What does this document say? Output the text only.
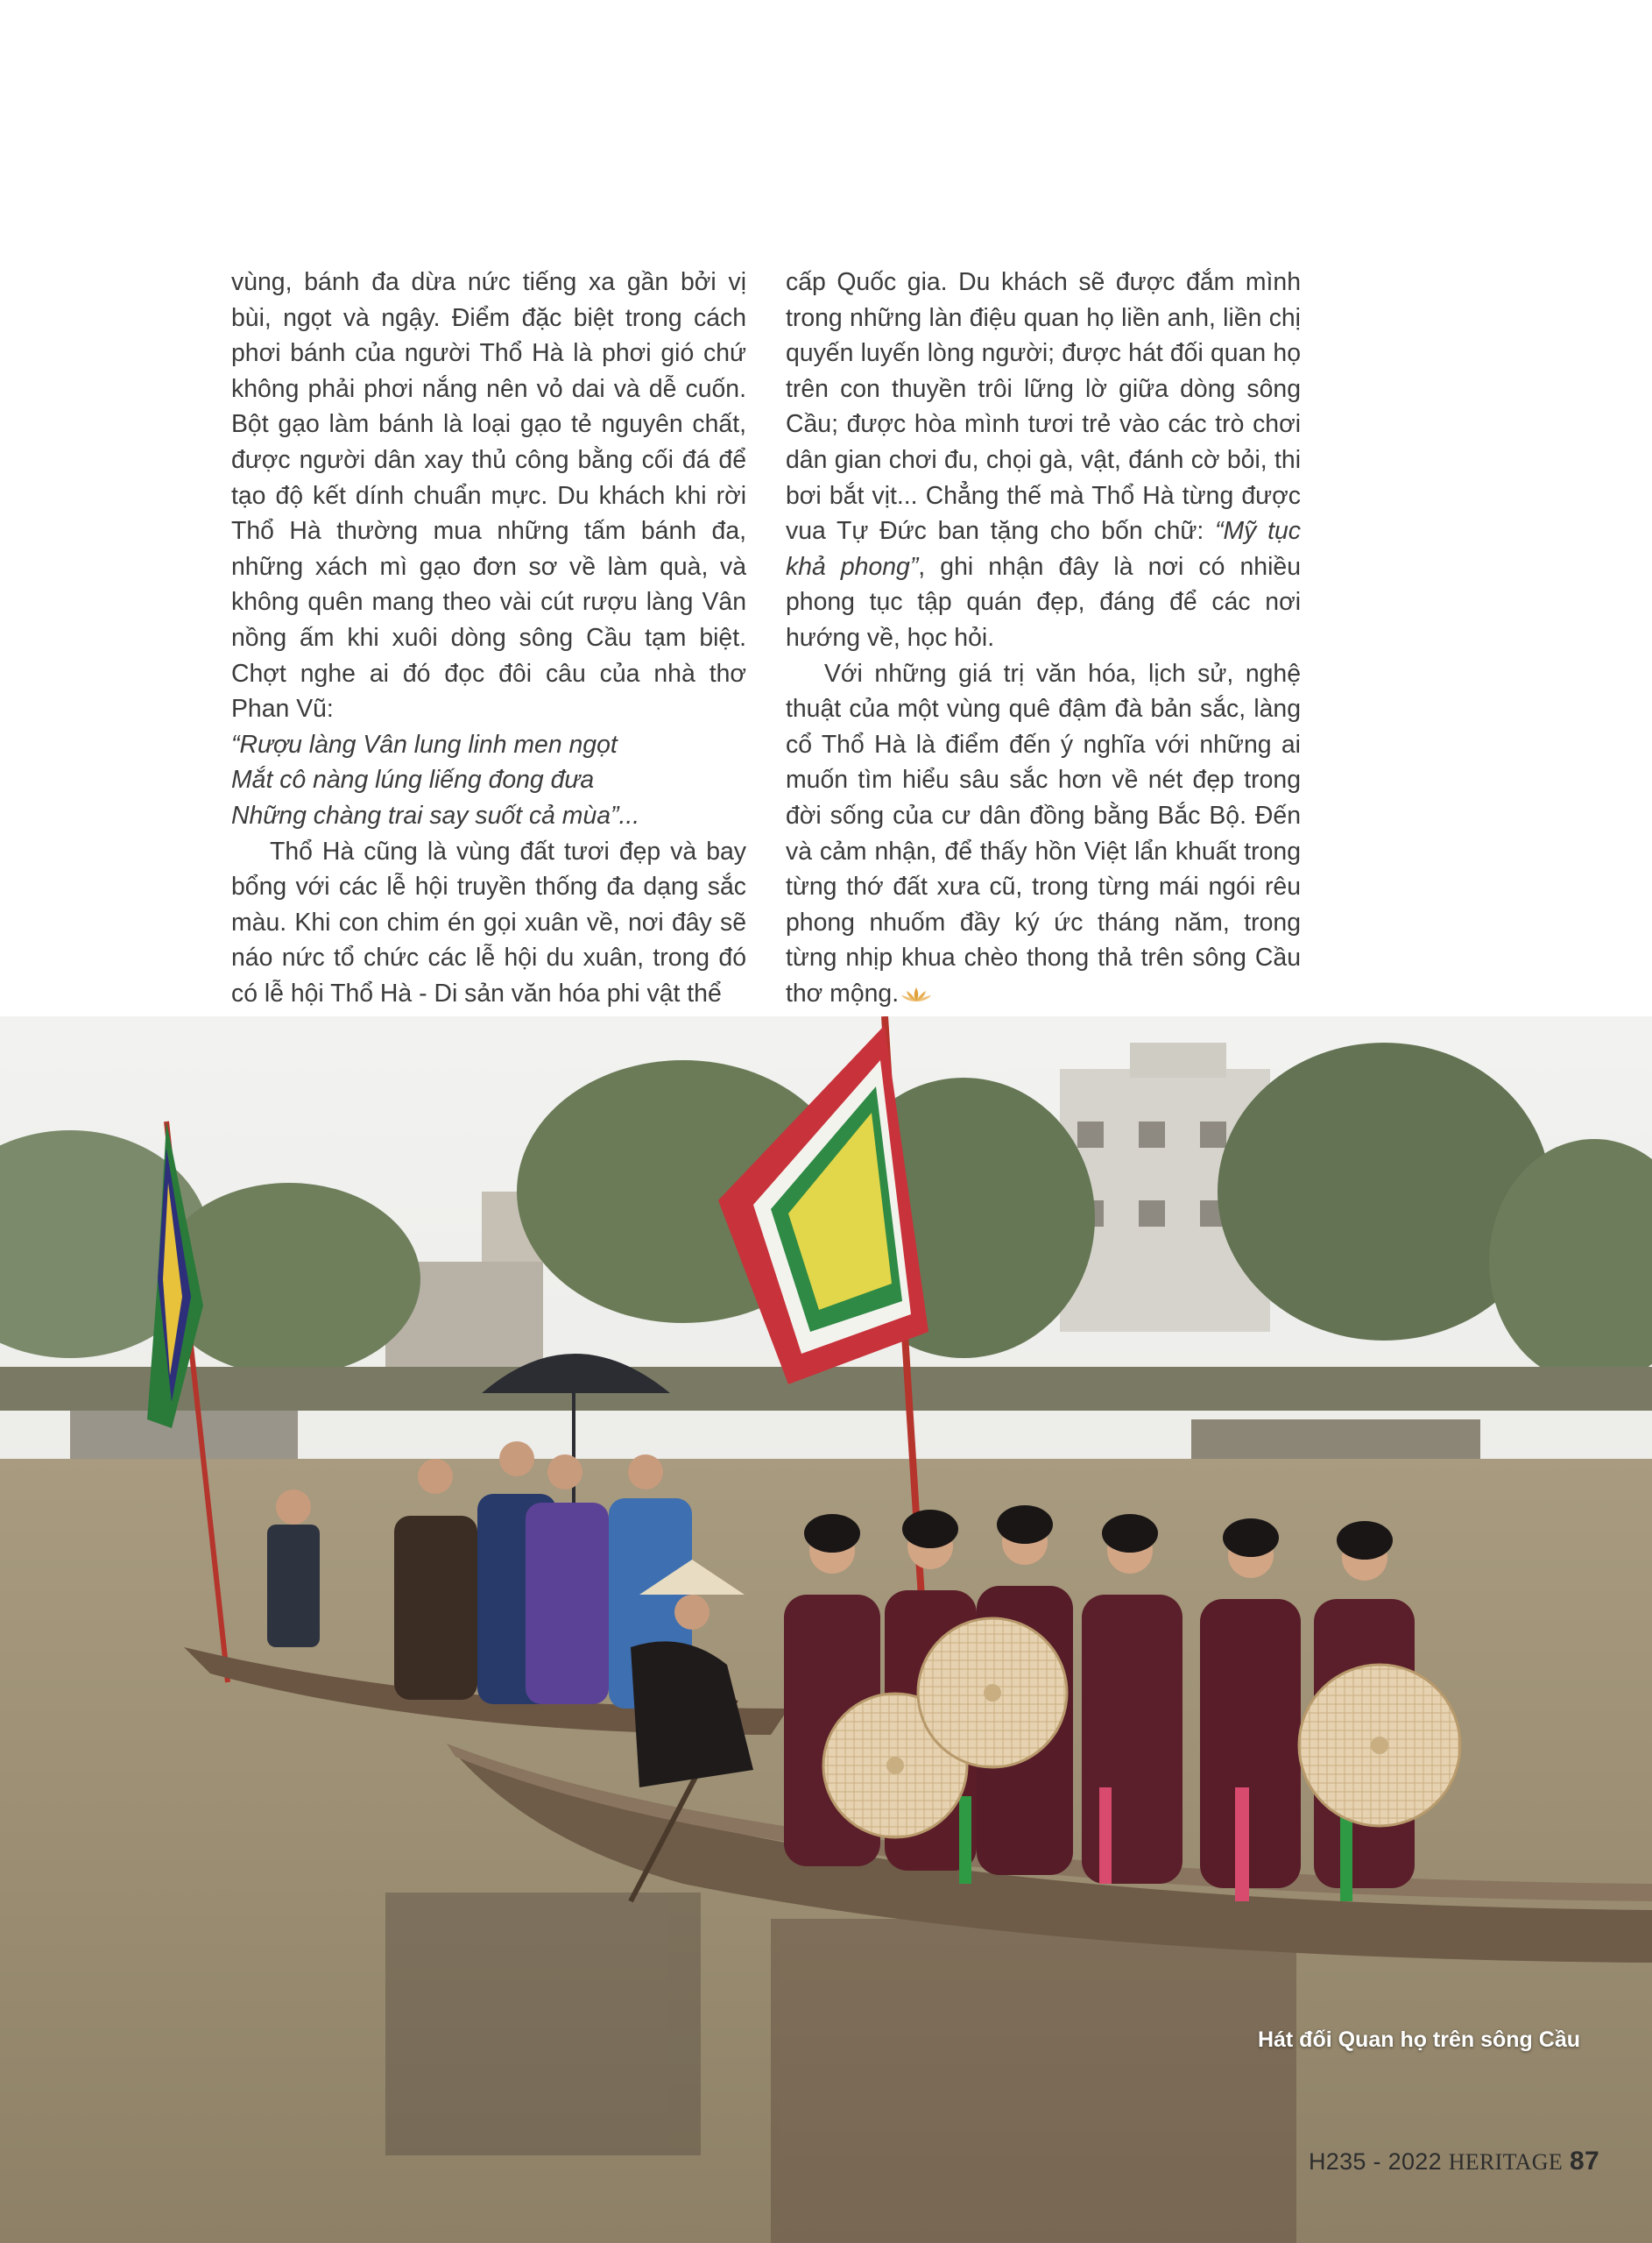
vùng, bánh đa dừa nức tiếng xa gần bởi vị bùi, ngọt và ngậy. Điểm đặc biệt trong cách phơi bánh của người Thổ Hà là phơi gió chứ không phải phơi nắng nên vỏ dai và dễ cuốn. Bột gạo làm bánh là loại gạo tẻ nguyên chất, được người dân xay thủ công bằng cối đá để tạo độ kết dính chuẩn mực. Du khách khi rời Thổ Hà thường mua những tấm bánh đa, những xách mì gạo đơn sơ về làm quà, và không quên mang theo vài cút rượu làng Vân nồng ấm khi xuôi dòng sông Cầu tạm biệt. Chợt nghe ai đó đọc đôi câu của nhà thơ Phan Vũ:

“Rượu làng Vân lung linh men ngọt
Mắt cô nàng lúng liếng đong đưa
Những chàng trai say suốt cả mùa”...

Thổ Hà cũng là vùng đất tươi đẹp và bay bổng với các lễ hội truyền thống đa dạng sắc màu. Khi con chim én gọi xuân về, nơi đây sẽ náo nức tổ chức các lễ hội du xuân, trong đó có lễ hội Thổ Hà - Di sản văn hóa phi vật thể

cấp Quốc gia. Du khách sẽ được đắm mình trong những làn điệu quan họ liền anh, liền chị quyến luyến lòng người; được hát đối quan họ trên con thuyền trôi lững lờ giữa dòng sông Cầu; được hòa mình tươi trẻ vào các trò chơi dân gian chơi đu, chọi gà, vật, đánh cờ bỏi, thi bơi bắt vịt... Chẳng thế mà Thổ Hà từng được vua Tự Đức ban tặng cho bốn chữ: “Mỹ tục khả phong”, ghi nhận đây là nơi có nhiều phong tục tập quán đẹp, đáng để các nơi hướng về, học hỏi.

Với những giá trị văn hóa, lịch sử, nghệ thuật của một vùng quê đậm đà bản sắc, làng cổ Thổ Hà là điểm đến ý nghĩa với những ai muốn tìm hiểu sâu sắc hơn về nét đẹp trong đời sống của cư dân đồng bằng Bắc Bộ. Đến và cảm nhận, để thấy hồn Việt lẩn khuất trong từng thớ đất xưa cũ, trong từng mái ngói rêu phong nhuốm đầy ký ức tháng năm, trong từng nhịp khua chèo thong thả trên sông Cầu thơ mộng.

Hát đối Quan họ trên sông Cầu
H235 - 2022 HERITAGE 87
